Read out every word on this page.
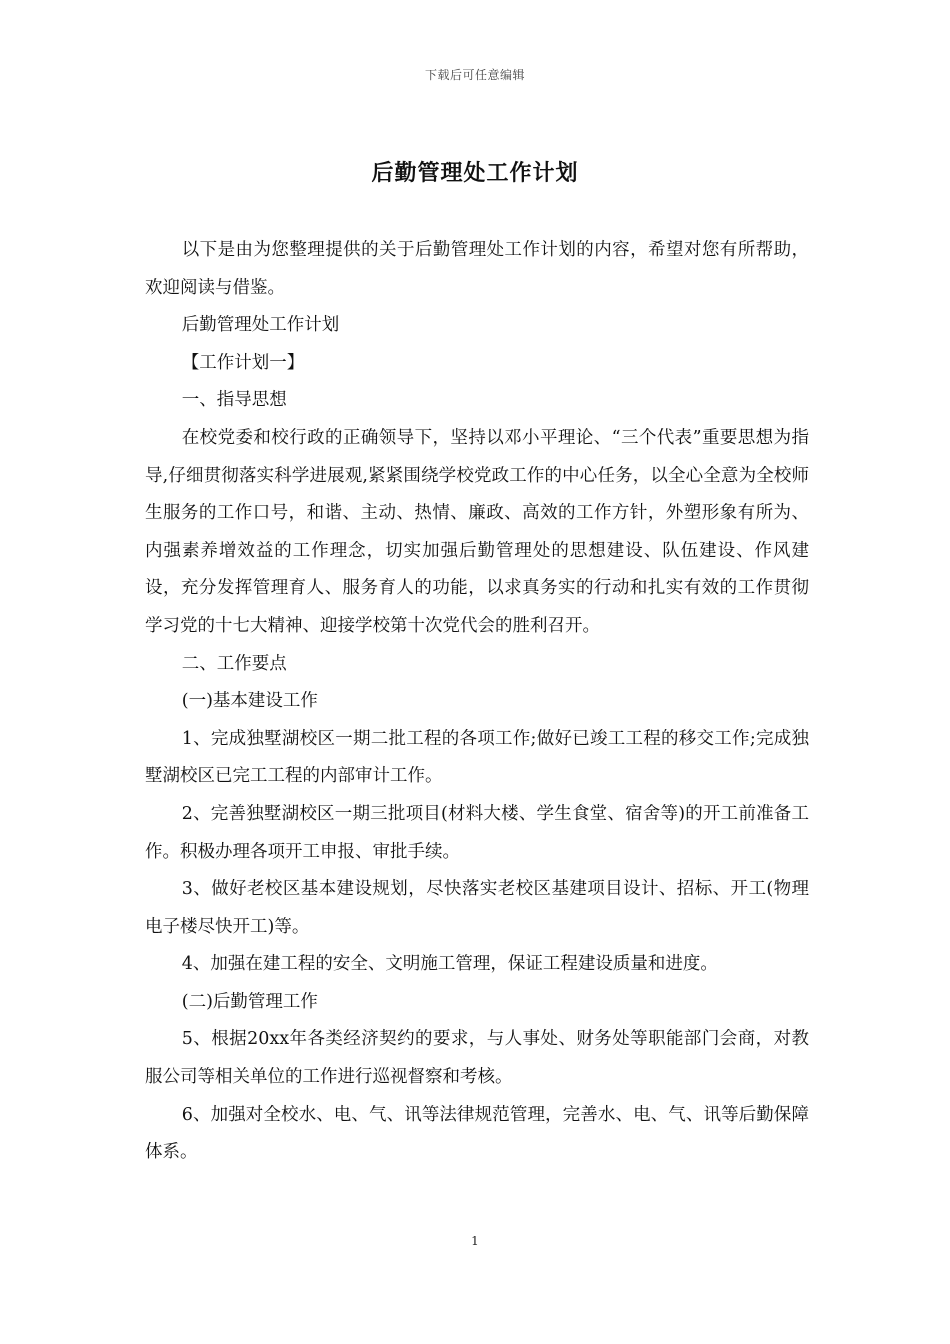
下载后可任意编辑
后勤管理处工作计划

以下是由为您整理提供的关于后勤管理处工作计划的内容，希望对您有所帮助，欢迎阅读与借鉴。

后勤管理处工作计划

【工作计划一】

一、指导思想

在校党委和校行政的正确领导下，坚持以邓小平理论、“三个代表”重要思想为指导,仔细贯彻落实科学进展观,紧紧围绕学校党政工作的中心任务，以全心全意为全校师生服务的工作口号，和谐、主动、热情、廉政、高效的工作方针，外塑形象有所为、内强素养增效益的工作理念，切实加强后勤管理处的思想建设、队伍建设、作风建设，充分发挥管理育人、服务育人的功能，以求真务实的行动和扎实有效的工作贯彻学习党的十七大精神、迎接学校第十次党代会的胜利召开。

二、工作要点

(一)基本建设工作

1、完成独墅湖校区一期二批工程的各项工作;做好已竣工工程的移交工作;完成独墅湖校区已完工工程的内部审计工作。

2、完善独墅湖校区一期三批项目(材料大楼、学生食堂、宿舍等)的开工前准备工作。积极办理各项开工申报、审批手续。

3、做好老校区基本建设规划，尽快落实老校区基建项目设计、招标、开工(物理电子楼尽快开工)等。

4、加强在建工程的安全、文明施工管理，保证工程建设质量和进度。

(二)后勤管理工作

5、根据20xx年各类经济契约的要求，与人事处、财务处等职能部门会商，对教服公司等相关单位的工作进行巡视督察和考核。

6、加强对全校水、电、气、讯等法律规范管理，完善水、电、气、讯等后勤保障体系。

1
